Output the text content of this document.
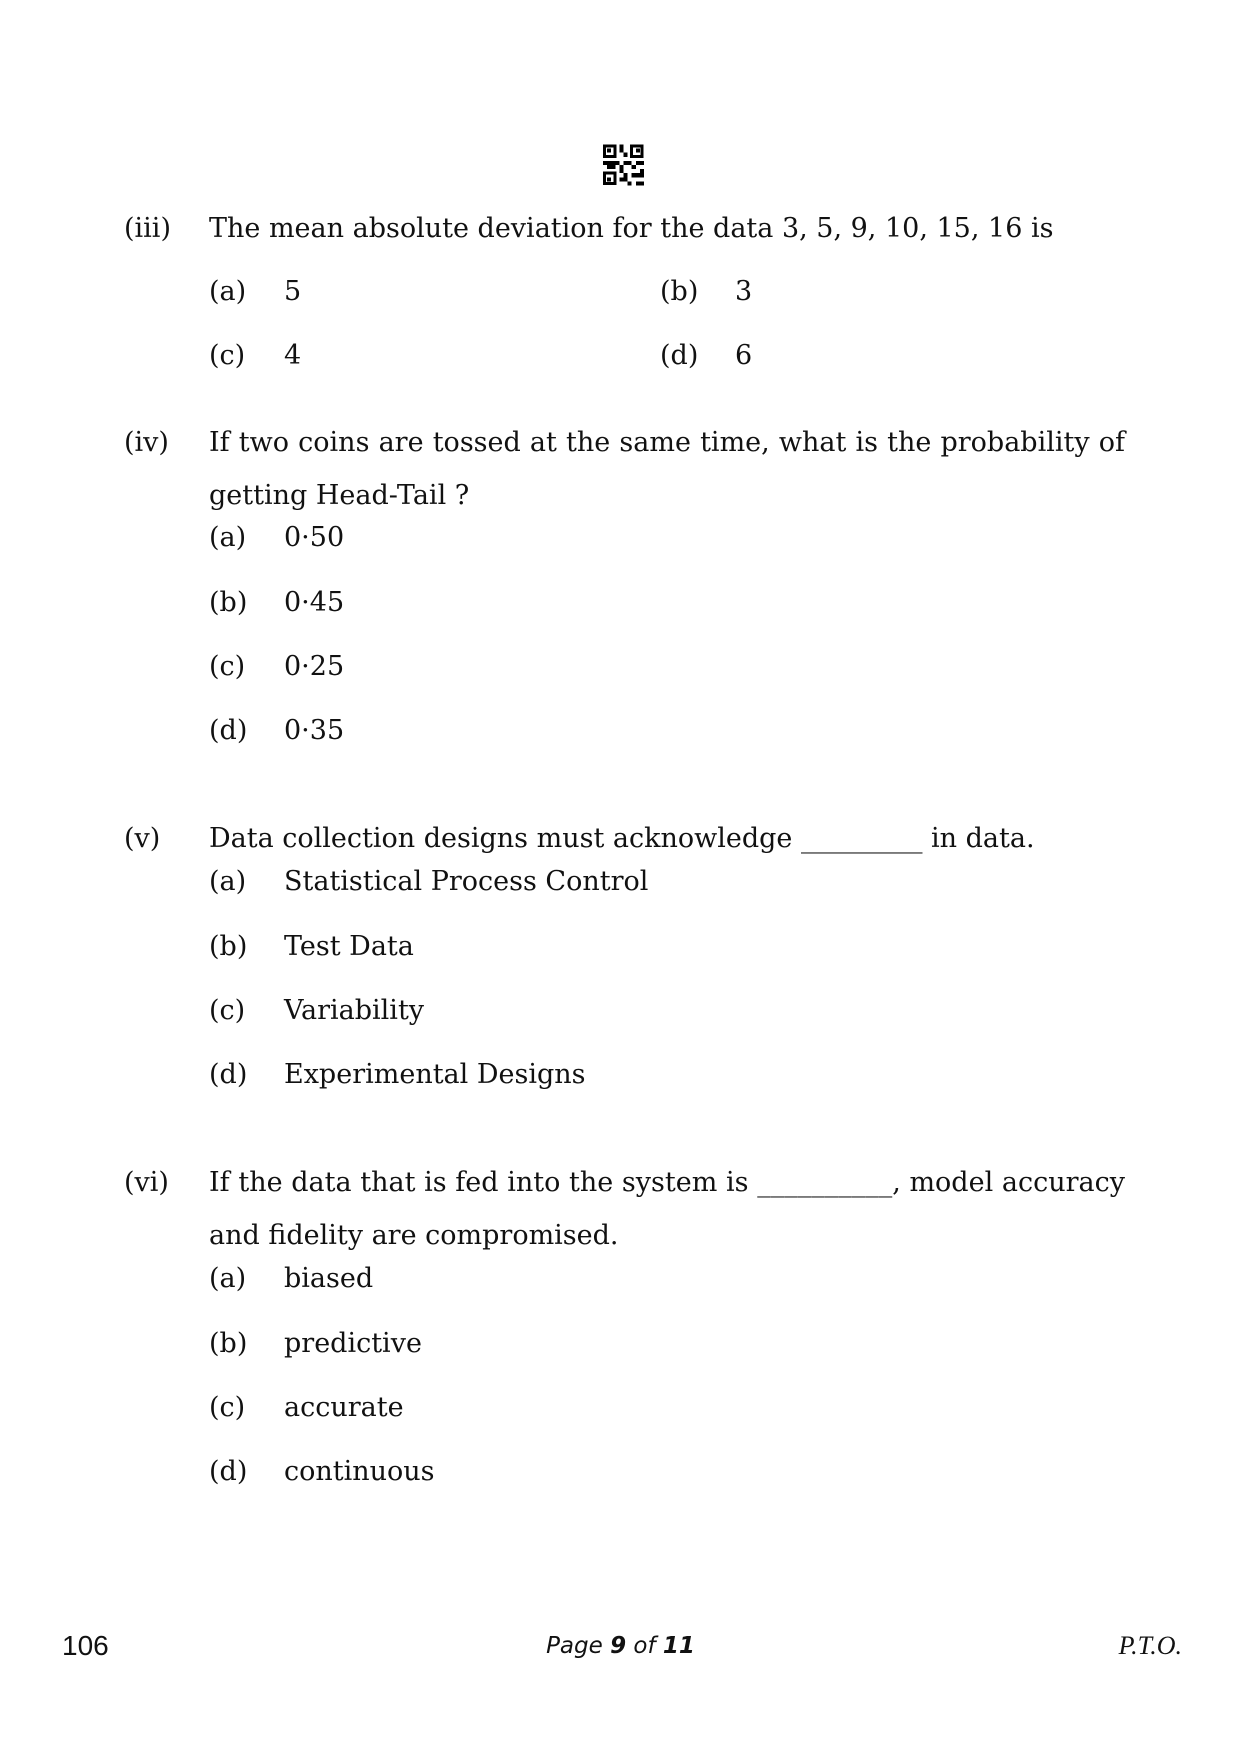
(iii) The mean absolute deviation for the data 3, 5, 9, 10, 15, 16 is
(a) 5	(b) 3
(c) 4	(d) 6
(iv) If two coins are tossed at the same time, what is the probability of getting Head-Tail ?
(a) 0·50
(b) 0·45
(c) 0·25
(d) 0·35
(v) Data collection designs must acknowledge _________ in data.
(a) Statistical Process Control
(b) Test Data
(c) Variability
(d) Experimental Designs
(vi) If the data that is fed into the system is __________, model accuracy and fidelity are compromised.
(a) biased
(b) predictive
(c) accurate
(d) continuous
106	Page 9 of 11	P.T.O.
